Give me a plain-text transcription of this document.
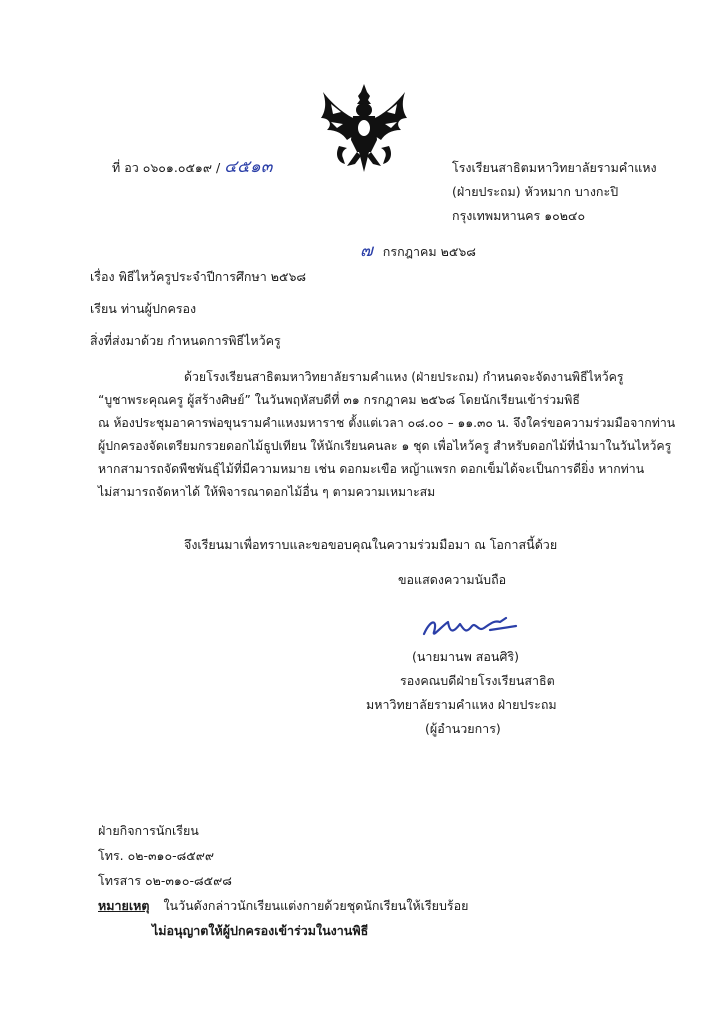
ที่ อว ๐๖๐๑.๐๕๑๙ / ๔๕๑๓	โรงเรียนสาธิตมหาวิทยาลัยรามคำแหง
(ฝ่ายประถม) หัวหมาก บางกะปิ
กรุงเทพมหานคร ๑๐๒๔๐
๗ กรกฎาคม ๒๕๖๘
เรื่อง พิธีไหว้ครูประจำปีการศึกษา ๒๕๖๘
เรียน ท่านผู้ปกครอง
สิ่งที่ส่งมาด้วย กำหนดการพิธีไหว้ครู
ด้วยโรงเรียนสาธิตมหาวิทยาลัยรามคำแหง (ฝ่ายประถม) กำหนดจะจัดงานพิธีไหว้ครู
“บูชาพระคุณครู ผู้สร้างศิษย์” ในวันพฤหัสบดีที่ ๓๑ กรกฎาคม ๒๕๖๘ โดยนักเรียนเข้าร่วมพิธี
ณ ห้องประชุมอาคารพ่อขุนรามคำแหงมหาราช ตั้งแต่เวลา ๐๘.๐๐ – ๑๑.๓๐ น. จึงใคร่ขอความร่วมมือจากท่าน
ผู้ปกครองจัดเตรียมกรวยดอกไม้ธูปเทียน ให้นักเรียนคนละ ๑ ชุด เพื่อไหว้ครู สำหรับดอกไม้ที่นำมาในวันไหว้ครู
หากสามารถจัดพืชพันธุ์ไม้ที่มีความหมาย เช่น ดอกมะเขือ หญ้าแพรก ดอกเข็มได้จะเป็นการดียิ่ง หากท่าน
ไม่สามารถจัดหาได้ ให้พิจารณาดอกไม้อื่น ๆ ตามความเหมาะสม
จึงเรียนมาเพื่อทราบและขอขอบคุณในความร่วมมือมา ณ โอกาสนี้ด้วย
ขอแสดงความนับถือ
(นายมานพ สอนศิริ)
รองคณบดีฝ่ายโรงเรียนสาธิต
มหาวิทยาลัยรามคำแหง ฝ่ายประถม
(ผู้อำนวยการ)
ฝ่ายกิจการนักเรียน
โทร. ๐๒-๓๑๐-๘๕๙๙
โทรสาร ๐๒-๓๑๐-๘๕๙๘
หมายเหตุ ในวันดังกล่าวนักเรียนแต่งกายด้วยชุดนักเรียนให้เรียบร้อย
ไม่อนุญาตให้ผู้ปกครองเข้าร่วมในงานพิธี
